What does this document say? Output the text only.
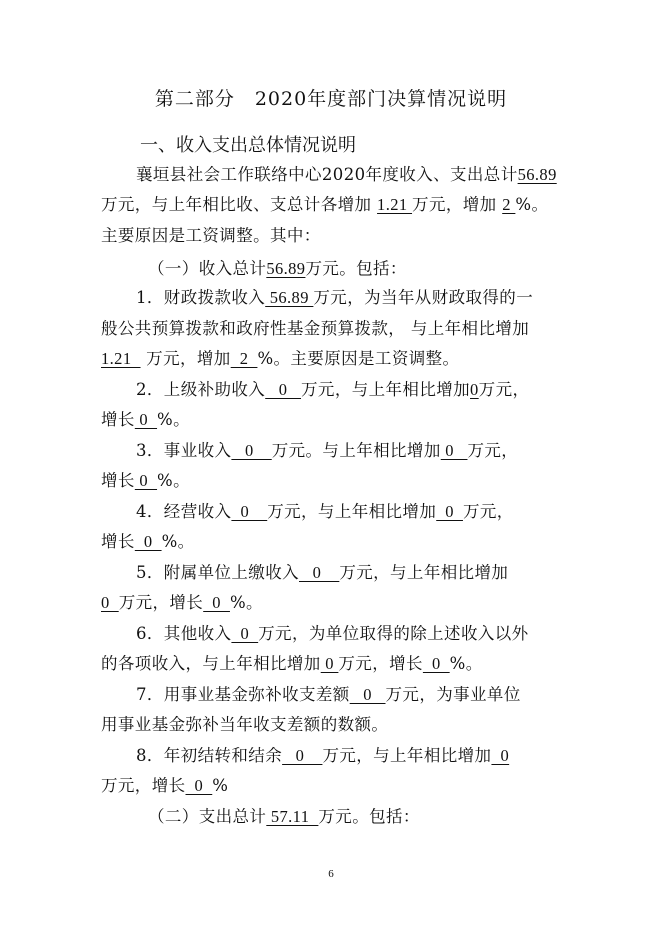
第二部分　2020年度部门决算情况说明
一、收入支出总体情况说明
襄垣县社会工作联络中心2020年度收入、支出总计56.89
万元，与上年相比收、支总计各增加 1.21 万元，增加 2 %。
主要原因是工资调整。其中：
（一）收入总计56.89万元。包括：
1．财政拨款收入 56.89 万元，为当年从财政取得的一
般公共预算拨款和政府性基金预算拨款， 与上年相比增加
1.21   万元，增加  2  %。主要原因是工资调整。
2．上级补助收入   0   万元，与上年相比增加0万元，
增长 0  %。
3．事业收入   0    万元。与上年相比增加 0   万元，
增长 0  %。
4．经营收入  0    万元，与上年相比增加  0  万元，
增长  0  %。
5．附属单位上缴收入   0    万元，与上年相比增加
0  万元，增长  0  %。
6．其他收入  0  万元，为单位取得的除上述收入以外
的各项收入，与上年相比增加 0 万元，增长  0  %。
7．用事业基金弥补收支差额   0   万元，为事业单位
用事业基金弥补当年收支差额的数额。
8．年初结转和结余   0    万元，与上年相比增加  0
万元，增长  0  %
（二）支出总计 57.11  万元。包括：
6
